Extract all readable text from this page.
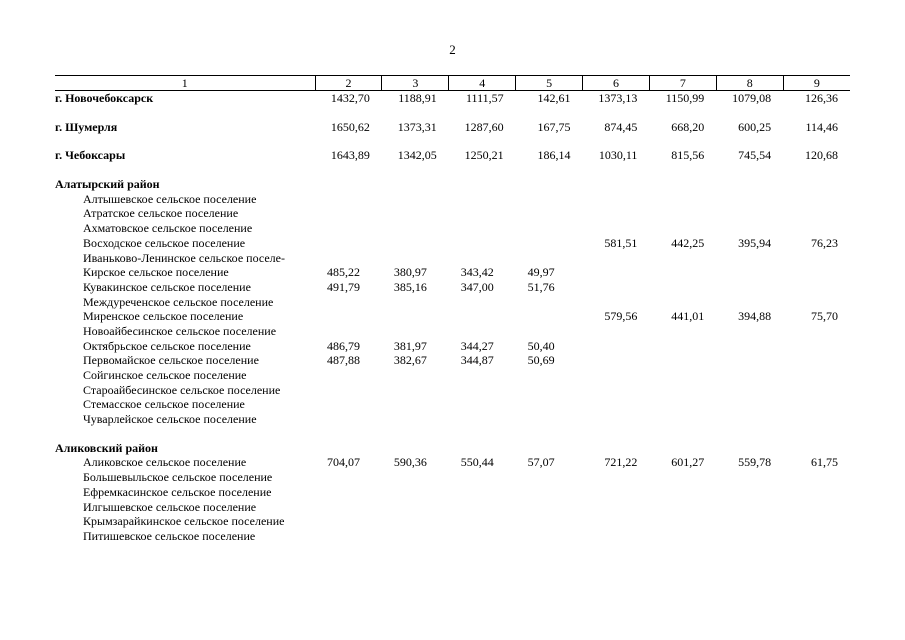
2
1	2	3	4	5	6	7	8	9
г. Новочебоксарск	1432,70	1188,91	1111,57	142,61	1373,13	1150,99	1079,08	126,36

г. Шумерля	1650,62	1373,31	1287,60	167,75	874,45	668,20	600,25	114,46

г. Чебоксары	1643,89	1342,05	1250,21	186,14	1030,11	815,56	745,54	120,68

Алатырский район								
Алтышевское сельское поселение								
Атратское сельское поселение								
Ахматовское сельское поселение								
Восходское сельское поселение					581,51	442,25	395,94	76,23
Иваньково-Ленинское сельское поселе-								
Кирское сельское поселение	485,22	380,97	343,42	49,97				
Кувакинское сельское поселение	491,79	385,16	347,00	51,76				
Междуреченское сельское поселение								
Миренское сельское поселение					579,56	441,01	394,88	75,70
Новоайбесинское сельское поселение								
Октябрьское сельское поселение	486,79	381,97	344,27	50,40				
Первомайское сельское поселение	487,88	382,67	344,87	50,69				
Сойгинское сельское поселение								
Староайбесинское сельское поселение								
Стемасское сельское поселение								
Чуварлейское сельское поселение								

Аликовский район								
Аликовское сельское поселение	704,07	590,36	550,44	57,07	721,22	601,27	559,78	61,75
Большевыльское сельское поселение								
Ефремкасинское сельское поселение								
Илгышевское сельское поселение								
Крымзарайкинское сельское поселение								
Питишевское сельское поселение								
